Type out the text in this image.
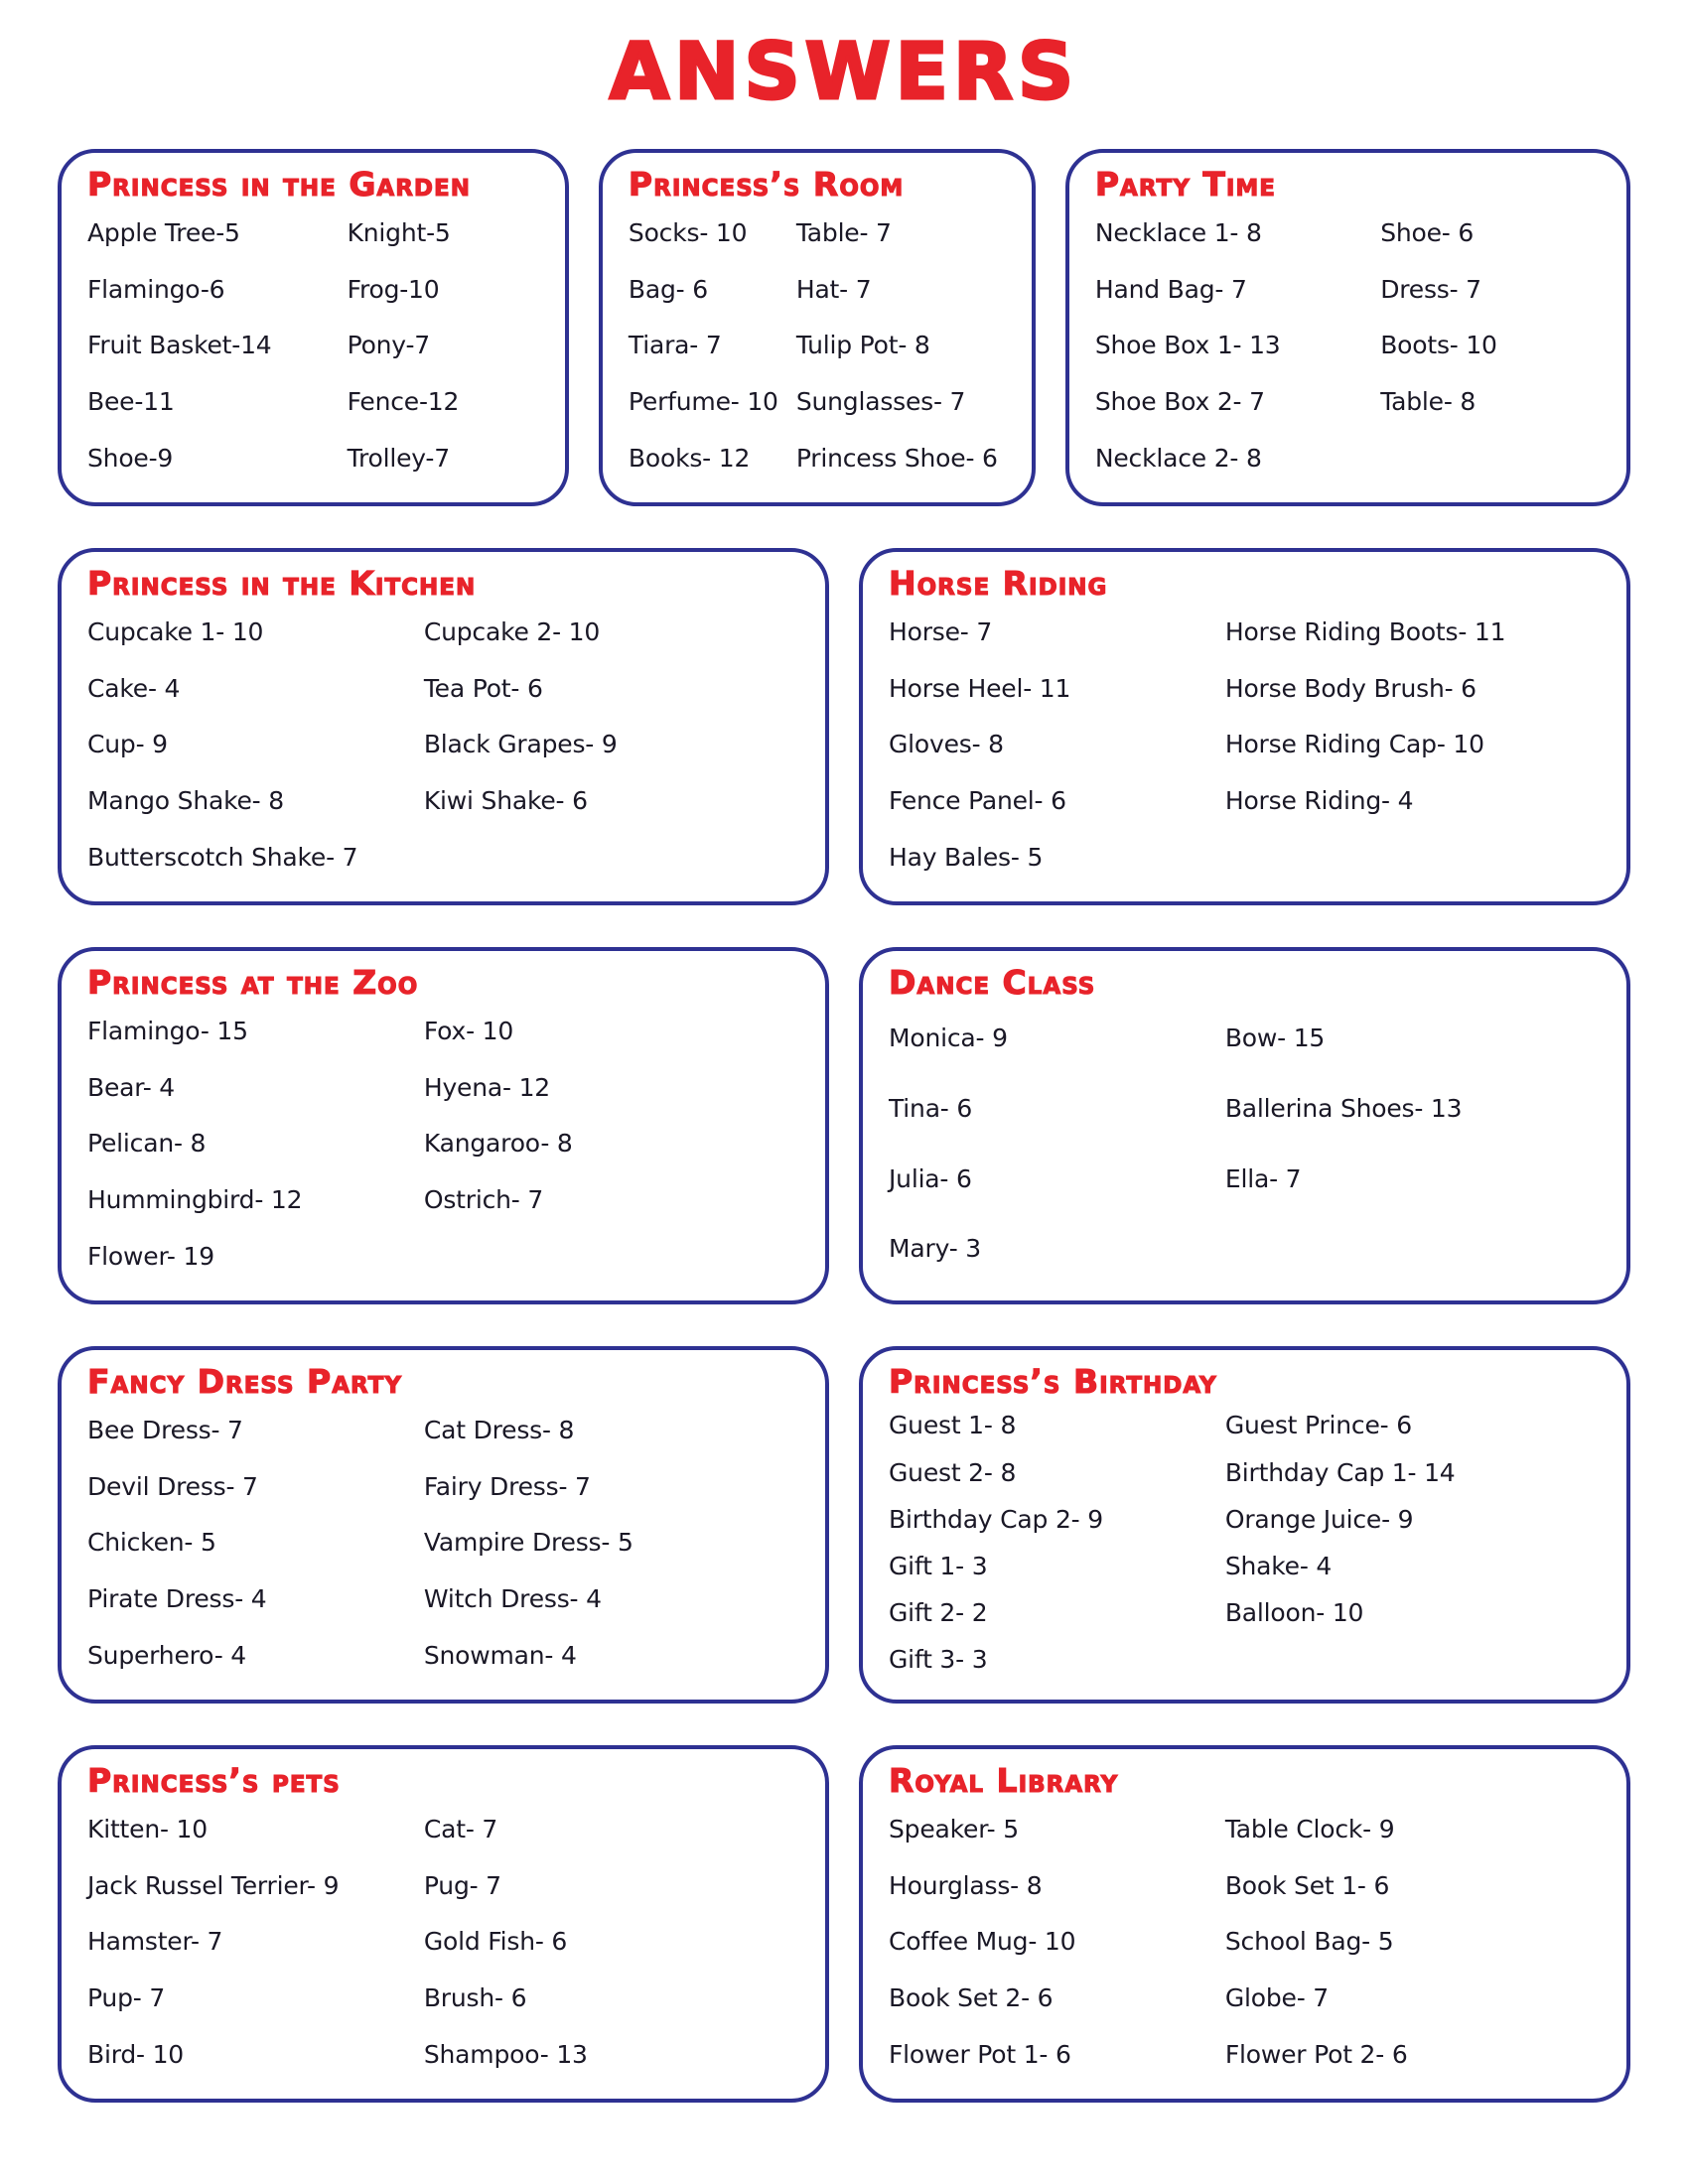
ANSWERS
Princess in the Garden
Apple Tree-5
Flamingo-6
Fruit Basket-14
Bee-11
Shoe-9
Knight-5
Frog-10
Pony-7
Fence-12
Trolley-7
Princess’s Room
Socks- 10
Bag- 6
Tiara- 7
Perfume- 10
Books- 12
Table- 7
Hat- 7
Tulip Pot- 8
Sunglasses- 7
Princess Shoe- 6
Party Time
Necklace 1- 8
Hand Bag- 7
Shoe Box 1- 13
Shoe Box 2- 7
Necklace 2- 8
Shoe- 6
Dress- 7
Boots- 10
Table- 8
Princess in the Kitchen
Cupcake 1- 10
Cake- 4
Cup- 9
Mango Shake- 8
Butterscotch Shake- 7
Cupcake 2- 10
Tea Pot- 6
Black Grapes- 9
Kiwi Shake- 6
Horse Riding
Horse- 7
Horse Heel- 11
Gloves- 8
Fence Panel- 6
Hay Bales- 5
Horse Riding Boots- 11
Horse Body Brush- 6
Horse Riding Cap- 10
Horse Riding- 4
Princess at the Zoo
Flamingo- 15
Bear- 4
Pelican- 8
Hummingbird- 12
Flower- 19
Fox- 10
Hyena- 12
Kangaroo- 8
Ostrich- 7
Dance Class
Monica- 9
Tina- 6
Julia- 6
Mary- 3
Bow- 15
Ballerina Shoes- 13
Ella- 7
Fancy Dress Party
Bee Dress- 7
Devil Dress- 7
Chicken- 5
Pirate Dress- 4
Superhero- 4
Cat Dress- 8
Fairy Dress- 7
Vampire Dress- 5
Witch Dress- 4
Snowman- 4
Princess’s Birthday
Guest 1- 8
Guest 2- 8
Birthday Cap 2- 9
Gift 1- 3
Gift 2- 2
Gift 3- 3
Guest Prince- 6
Birthday Cap 1- 14
Orange Juice- 9
Shake- 4
Balloon- 10
Princess’s pets
Kitten- 10
Jack Russel Terrier- 9
Hamster- 7
Pup- 7
Bird- 10
Cat- 7
Pug- 7
Gold Fish- 6
Brush- 6
Shampoo- 13
Royal Library
Speaker- 5
Hourglass- 8
Coffee Mug- 10
Book Set 2- 6
Flower Pot 1- 6
Table Clock- 9
Book Set 1- 6
School Bag- 5
Globe- 7
Flower Pot 2- 6
